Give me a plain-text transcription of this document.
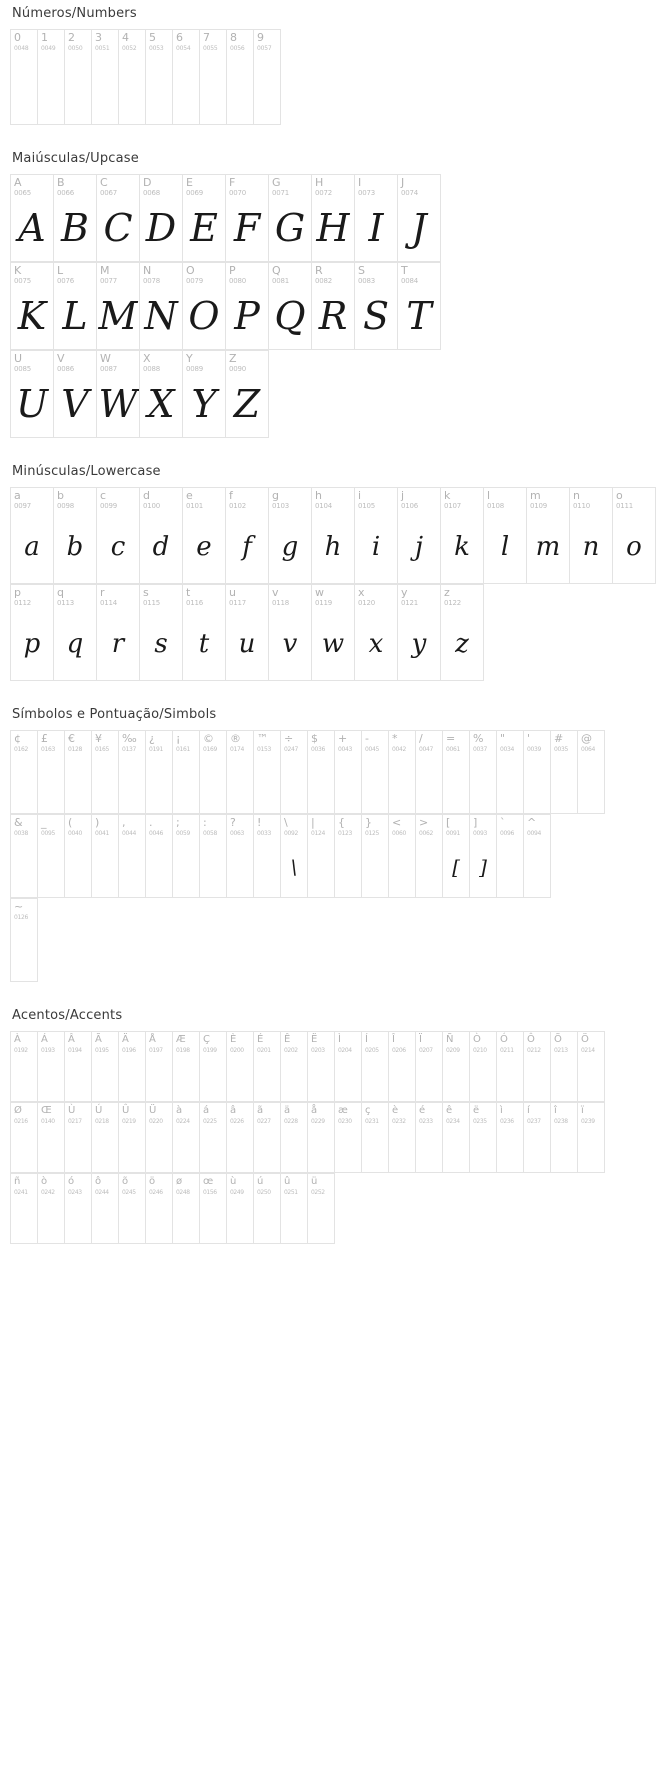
Números/Numbers
0
0048
1
0049
2
0050
3
0051
4
0052
5
0053
6
0054
7
0055
8
0056
9
0057
Maiúsculas/Upcase
A
0065
A
B
0066
B
C
0067
C
D
0068
D
E
0069
E
F
0070
F
G
0071
G
H
0072
H
I
0073
I
J
0074
J
K
0075
K
L
0076
L
M
0077
M
N
0078
N
O
0079
O
P
0080
P
Q
0081
Q
R
0082
R
S
0083
S
T
0084
T
U
0085
U
V
0086
V
W
0087
W
X
0088
X
Y
0089
Y
Z
0090
Z
Minúsculas/Lowercase
a
0097
a
b
0098
b
c
0099
c
d
0100
d
e
0101
e
f
0102
f
g
0103
g
h
0104
h
i
0105
i
j
0106
j
k
0107
k
l
0108
l
m
0109
m
n
0110
n
o
0111
o
p
0112
p
q
0113
q
r
0114
r
s
0115
s
t
0116
t
u
0117
u
v
0118
v
w
0119
w
x
0120
x
y
0121
y
z
0122
z
Símbolos e Pontuação/Simbols
¢
0162
£
0163
€
0128
¥
0165
‰
0137
¿
0191
¡
0161
©
0169
®
0174
™
0153
÷
0247
$
0036
+
0043
-
0045
*
0042
/
0047
=
0061
%
0037
"
0034
'
0039
#
0035
@
0064
&
0038
_
0095
(
0040
)
0041
,
0044
.
0046
;
0059
:
0058
?
0063
!
0033
\
0092
\
|
0124
{
0123
}
0125
<
0060
>
0062
[
0091
[
]
0093
]
`
0096
^
0094
~
0126
Acentos/Accents
À
0192
Á
0193
Â
0194
Ã
0195
Ä
0196
Å
0197
Æ
0198
Ç
0199
È
0200
É
0201
Ê
0202
Ë
0203
Ì
0204
Í
0205
Î
0206
Ï
0207
Ñ
0209
Ò
0210
Ó
0211
Ô
0212
Õ
0213
Ö
0214
Ø
0216
Œ
0140
Ù
0217
Ú
0218
Û
0219
Ü
0220
à
0224
á
0225
â
0226
ã
0227
ä
0228
å
0229
æ
0230
ç
0231
è
0232
é
0233
ê
0234
ë
0235
ì
0236
í
0237
î
0238
ï
0239
ñ
0241
ò
0242
ó
0243
ô
0244
õ
0245
ö
0246
ø
0248
œ
0156
ù
0249
ú
0250
û
0251
ü
0252
